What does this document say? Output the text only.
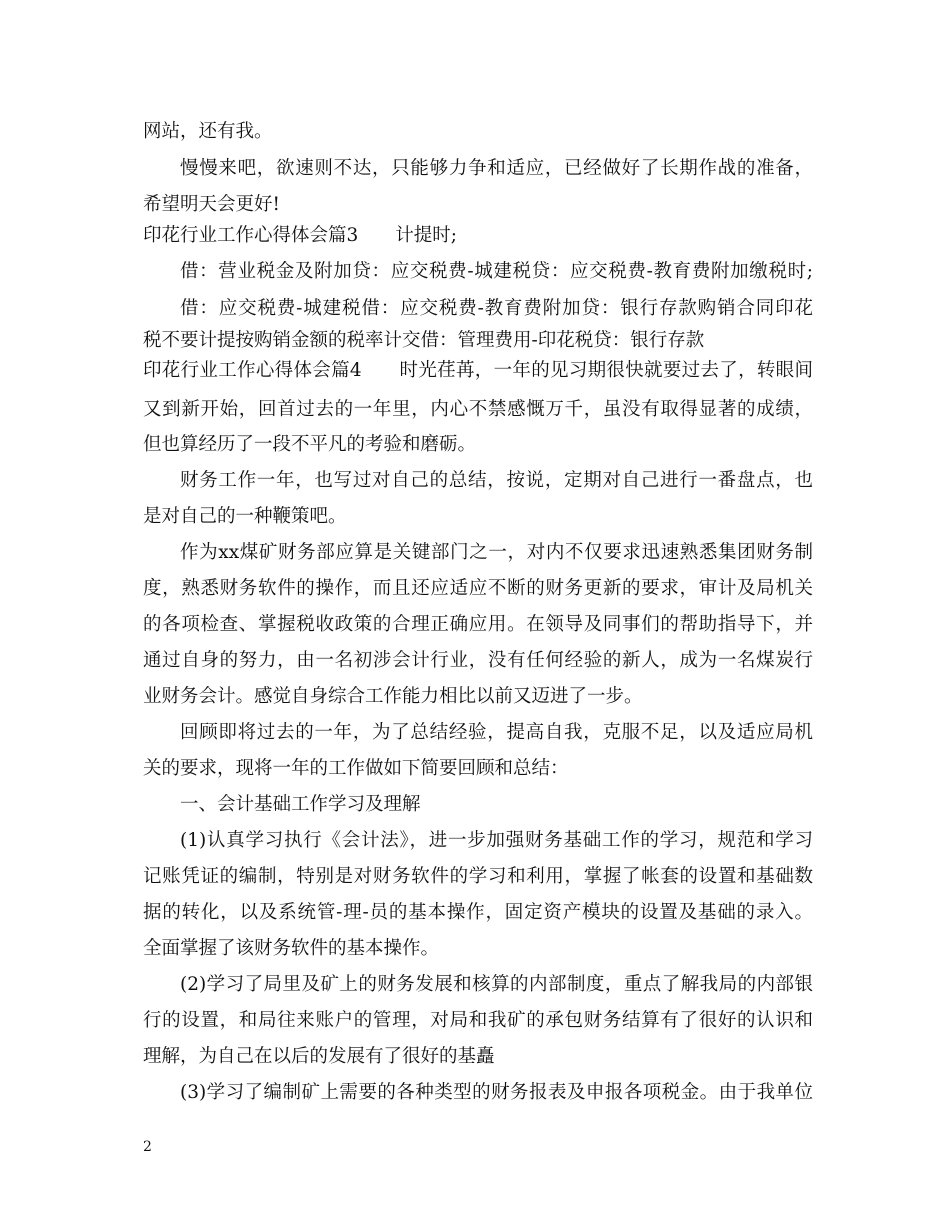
网站，还有我。
慢慢来吧，欲速则不达，只能够力争和适应，已经做好了长期作战的准备，
希望明天会更好!
印花行业工作心得体会篇3　　计提时;
借：营业税金及附加贷：应交税费-城建税贷：应交税费-教育费附加缴税时;
借：应交税费-城建税借：应交税费-教育费附加贷：银行存款购销合同印花
税不要计提按购销金额的税率计交借：管理费用-印花税贷：银行存款
印花行业工作心得体会篇4　　时光荏苒，一年的见习期很快就要过去了，转眼间
又到新开始，回首过去的一年里，内心不禁感慨万千，虽没有取得显著的成绩，
但也算经历了一段不平凡的考验和磨砺。
财务工作一年，也写过对自己的总结，按说，定期对自己进行一番盘点，也
是对自己的一种鞭策吧。
作为xx煤矿财务部应算是关键部门之一，对内不仅要求迅速熟悉集团财务制
度，熟悉财务软件的操作，而且还应适应不断的财务更新的要求，审计及局机关
的各项检查、掌握税收政策的合理正确应用。在领导及同事们的帮助指导下，并
通过自身的努力，由一名初涉会计行业，没有任何经验的新人，成为一名煤炭行
业财务会计。感觉自身综合工作能力相比以前又迈进了一步。
回顾即将过去的一年，为了总结经验，提高自我，克服不足，以及适应局机
关的要求，现将一年的工作做如下简要回顾和总结：
一、会计基础工作学习及理解
(1)认真学习执行《会计法》，进一步加强财务基础工作的学习，规范和学习
记账凭证的编制，特别是对财务软件的学习和利用，掌握了帐套的设置和基础数
据的转化，以及系统管-理-员的基本操作，固定资产模块的设置及基础的录入。
全面掌握了该财务软件的基本操作。
(2)学习了局里及矿上的财务发展和核算的内部制度，重点了解我局的内部银
行的设置，和局往来账户的管理，对局和我矿的承包财务结算有了很好的认识和
理解，为自己在以后的发展有了很好的基矗
(3)学习了编制矿上需要的各种类型的财务报表及申报各项税金。由于我单位
2
